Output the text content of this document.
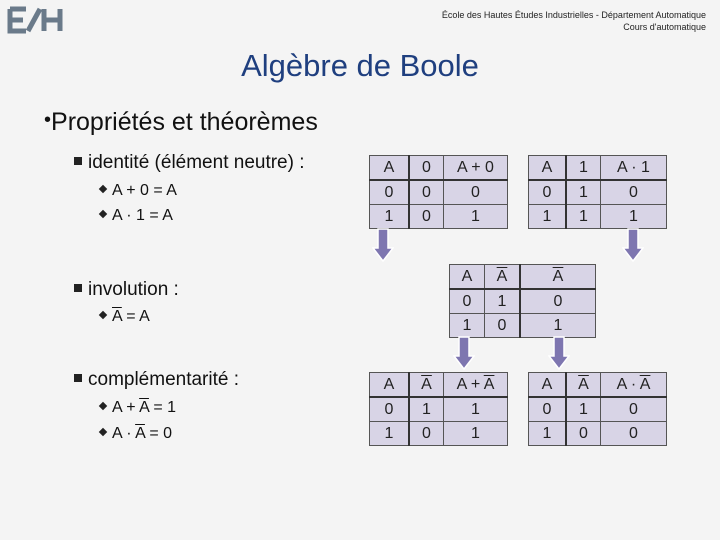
École des Hautes Études Industrielles - Département Automatique
Cours d'automatique
Algèbre de Boole
•Propriétés et théorèmes
identité (élément neutre) :
A + 0 = A
A · 1 = A
A	0	A + 0
0	0	0
1	0	1
A	1	A · 1
0	1	0
1	1	1
involution :
$\overline{A} = A$
A	$\overline{A}$	$\overline{A}$
0	1	0
1	0	1
complémentarité :
$A + \overline{A} = 1$
$A \cdot \overline{A} = 0$
A	$\overline{A}$	$A + \overline{A}$
0	1	1
1	0	1
A	$\overline{A}$	$A \cdot \overline{A}$
0	1	0
1	0	0
